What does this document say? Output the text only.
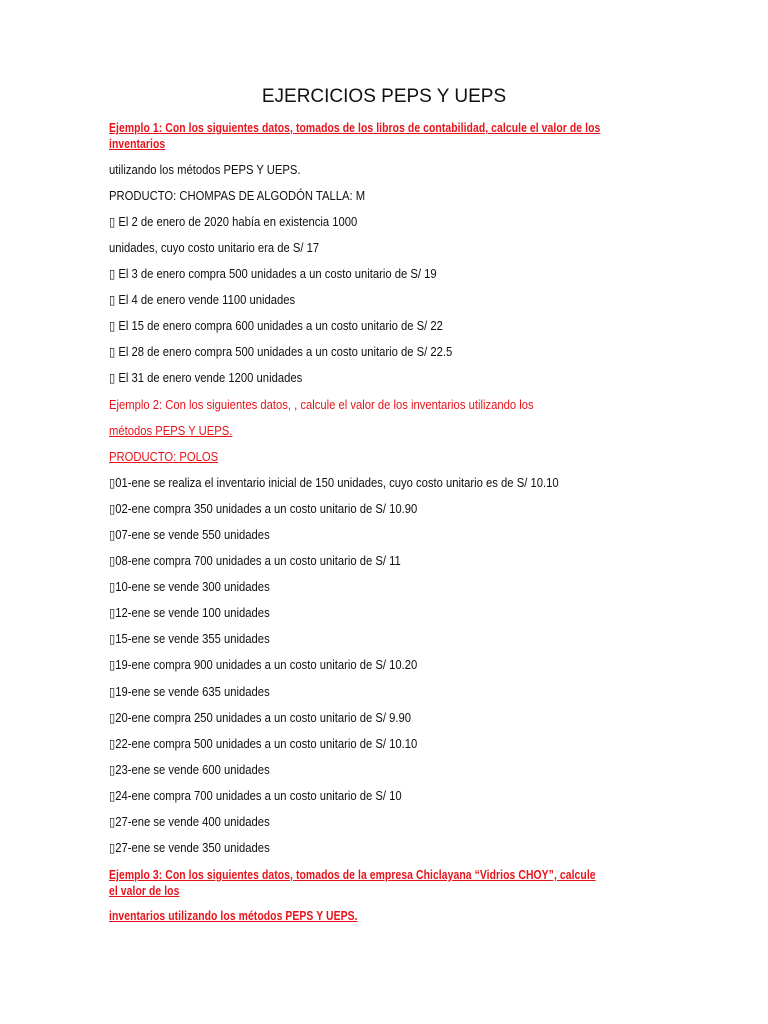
EJERCICIOS PEPS Y UEPS
Ejemplo 1: Con los siguientes datos, tomados de los libros de contabilidad, calcule el valor de los
inventarios
utilizando los métodos PEPS Y UEPS.
PRODUCTO: CHOMPAS DE ALGODÓN TALLA: M
▯ El 2 de enero de 2020 había en existencia 1000
unidades, cuyo costo unitario era de S/ 17
▯ El 3 de enero compra 500 unidades a un costo unitario de S/ 19
▯ El 4 de enero vende 1100 unidades
▯ El 15 de enero compra 600 unidades a un costo unitario de S/ 22
▯ El 28 de enero compra 500 unidades a un costo unitario de S/ 22.5
▯ El 31 de enero vende 1200 unidades
Ejemplo 2: Con los siguientes datos, , calcule el valor de los inventarios utilizando los
métodos PEPS Y UEPS.
PRODUCTO: POLOS
▯01-ene se realiza el inventario inicial de 150 unidades, cuyo costo unitario es de S/ 10.10
▯02-ene compra 350 unidades a un costo unitario de S/ 10.90
▯07-ene se vende 550 unidades
▯08-ene compra 700 unidades a un costo unitario de S/ 11
▯10-ene se vende 300 unidades
▯12-ene se vende 100 unidades
▯15-ene se vende 355 unidades
▯19-ene compra 900 unidades a un costo unitario de S/ 10.20
▯19-ene se vende 635 unidades
▯20-ene compra 250 unidades a un costo unitario de S/ 9.90
▯22-ene compra 500 unidades a un costo unitario de S/ 10.10
▯23-ene se vende 600 unidades
▯24-ene compra 700 unidades a un costo unitario de S/ 10
▯27-ene se vende 400 unidades
▯27-ene se vende 350 unidades
Ejemplo 3: Con los siguientes datos, tomados de la empresa Chiclayana “Vidrios CHOY”, calcule
el valor de los
inventarios utilizando los métodos PEPS Y UEPS.
